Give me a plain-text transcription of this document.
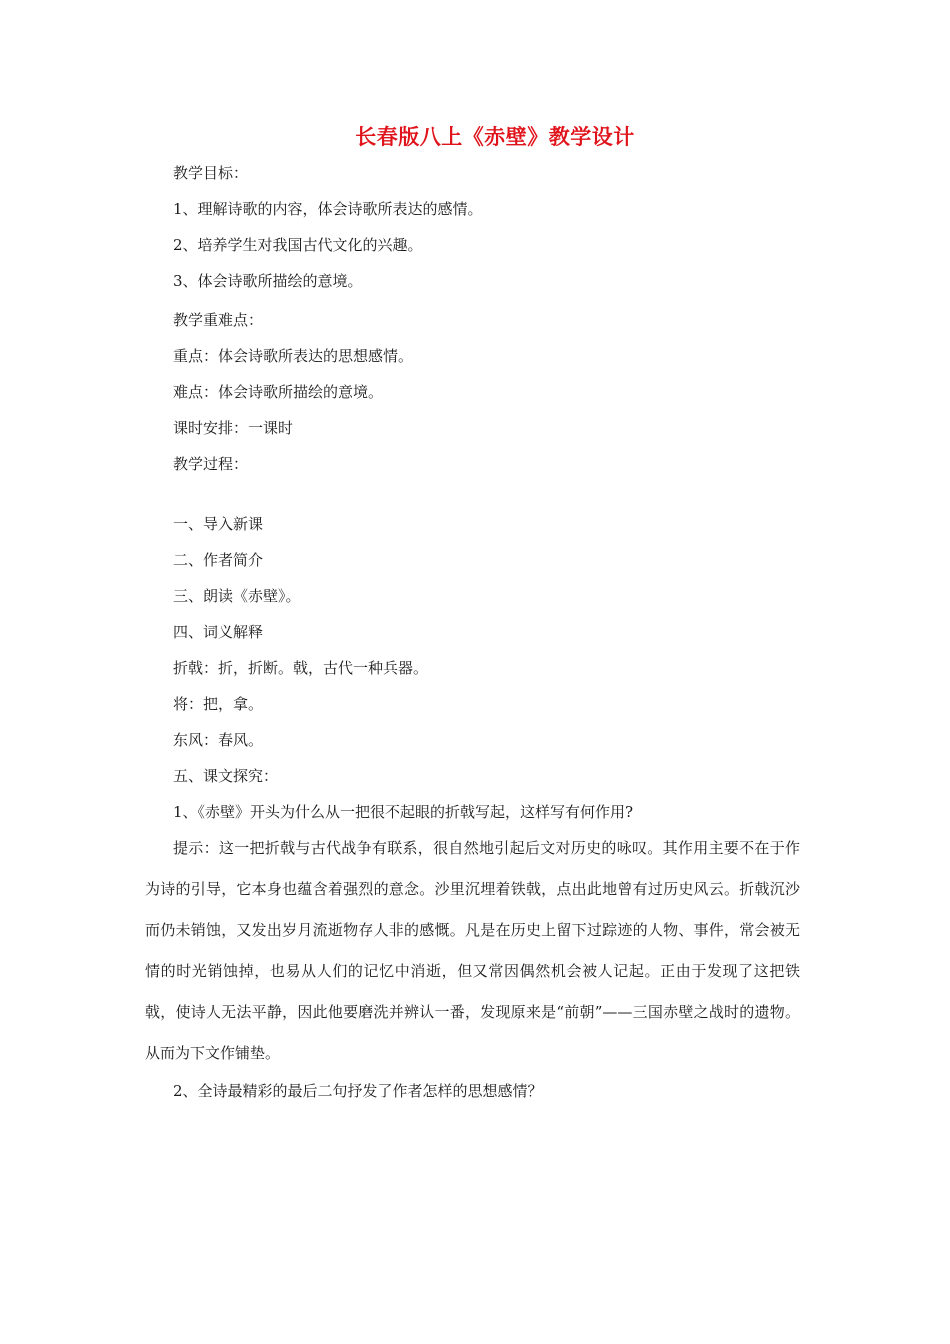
长春版八上《赤壁》教学设计
教学目标：
1、理解诗歌的内容，体会诗歌所表达的感情。
2、培养学生对我国古代文化的兴趣。
3、体会诗歌所描绘的意境。
教学重难点：
重点：体会诗歌所表达的思想感情。
难点：体会诗歌所描绘的意境。
课时安排：一课时
教学过程：
一、导入新课
二、作者简介
三、朗读《赤壁》。
四、词义解释
折戟：折，折断。戟，古代一种兵器。
将：把，拿。
东风：春风。
五、课文探究：
1、《赤壁》开头为什么从一把很不起眼的折戟写起，这样写有何作用?
提示：这一把折戟与古代战争有联系，很自然地引起后文对历史的咏叹。其作用主要不在于作为诗的引导，它本身也蕴含着强烈的意念。沙里沉埋着铁戟，点出此地曾有过历史风云。折戟沉沙而仍未销蚀，又发出岁月流逝物存人非的感慨。凡是在历史上留下过踪迹的人物、事件，常会被无情的时光销蚀掉，也易从人们的记忆中消逝，但又常因偶然机会被人记起。正由于发现了这把铁戟，使诗人无法平静，因此他要磨洗并辨认一番，发现原来是“前朝”——三国赤壁之战时的遗物。从而为下文作铺垫。
2、全诗最精彩的最后二句抒发了作者怎样的思想感情？
